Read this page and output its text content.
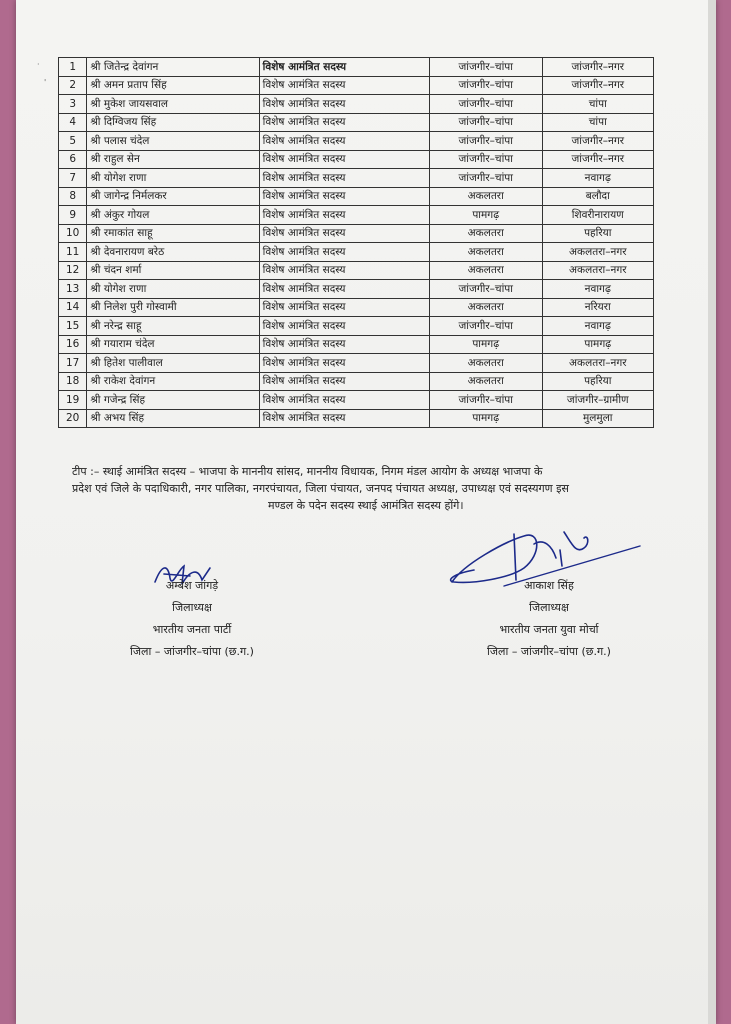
·
'
1	श्री जितेन्द्र देवांगन	विशेष आमंत्रित सदस्य	जांजगीर–चांपा	जांजगीर–नगर
2	श्री अमन प्रताप सिंह	विशेष आमंत्रित सदस्य	जांजगीर–चांपा	जांजगीर–नगर
3	श्री मुकेश जायसवाल	विशेष आमंत्रित सदस्य	जांजगीर–चांपा	चांपा
4	श्री दिग्विजय सिंह	विशेष आमंत्रित सदस्य	जांजगीर–चांपा	चांपा
5	श्री पलास चंदेल	विशेष आमंत्रित सदस्य	जांजगीर–चांपा	जांजगीर–नगर
6	श्री राहुल सेन	विशेष आमंत्रित सदस्य	जांजगीर–चांपा	जांजगीर–नगर
7	श्री योगेश राणा	विशेष आमंत्रित सदस्य	जांजगीर–चांपा	नवागढ़
8	श्री जागेन्द्र निर्मलकर	विशेष आमंत्रित सदस्य	अकलतरा	बलौदा
9	श्री अंकुर गोयल	विशेष आमंत्रित सदस्य	पामगढ़	शिवरीनारायण
10	श्री रमाकांत साहू	विशेष आमंत्रित सदस्य	अकलतरा	पहरिया
11	श्री देवनारायण बरेठ	विशेष आमंत्रित सदस्य	अकलतरा	अकलतरा–नगर
12	श्री चंदन शर्मा	विशेष आमंत्रित सदस्य	अकलतरा	अकलतरा–नगर
13	श्री योगेश राणा	विशेष आमंत्रित सदस्य	जांजगीर–चांपा	नवागढ़
14	श्री निलेश पुरी गोस्वामी	विशेष आमंत्रित सदस्य	अकलतरा	नरियरा
15	श्री नरेन्द्र साहू	विशेष आमंत्रित सदस्य	जांजगीर–चांपा	नवागढ़
16	श्री गयाराम चंदेल	विशेष आमंत्रित सदस्य	पामगढ़	पामगढ़
17	श्री हितेश पालीवाल	विशेष आमंत्रित सदस्य	अकलतरा	अकलतरा–नगर
18	श्री राकेश देवांगन	विशेष आमंत्रित सदस्य	अकलतरा	पहरिया
19	श्री गजेन्द्र सिंह	विशेष आमंत्रित सदस्य	जांजगीर–चांपा	जांजगीर–ग्रामीण
20	श्री अभय सिंह	विशेष आमंत्रित सदस्य	पामगढ़	मुलमुला
टीप :– स्थाई आमंत्रित सदस्य – भाजपा के माननीय सांसद, माननीय विधायक, निगम मंडल आयोग के अध्यक्ष भाजपा के
प्रदेश एवं जिले के पदाधिकारी, नगर पालिका, नगरपंचायत, जिला पंचायत, जनपद पंचायत अध्यक्ष, उपाध्यक्ष एवं सदस्यगण इस

मण्डल के पदेन सदस्य स्थाई आमंत्रित सदस्य होंगे।
अम्बेश जांगड़े
जिलाध्यक्ष
भारतीय जनता पार्टी
जिला – जांजगीर–चांपा (छ.ग.)
आकाश सिंह
जिलाध्यक्ष
भारतीय जनता युवा मोर्चा
जिला – जांजगीर–चांपा (छ.ग.)
